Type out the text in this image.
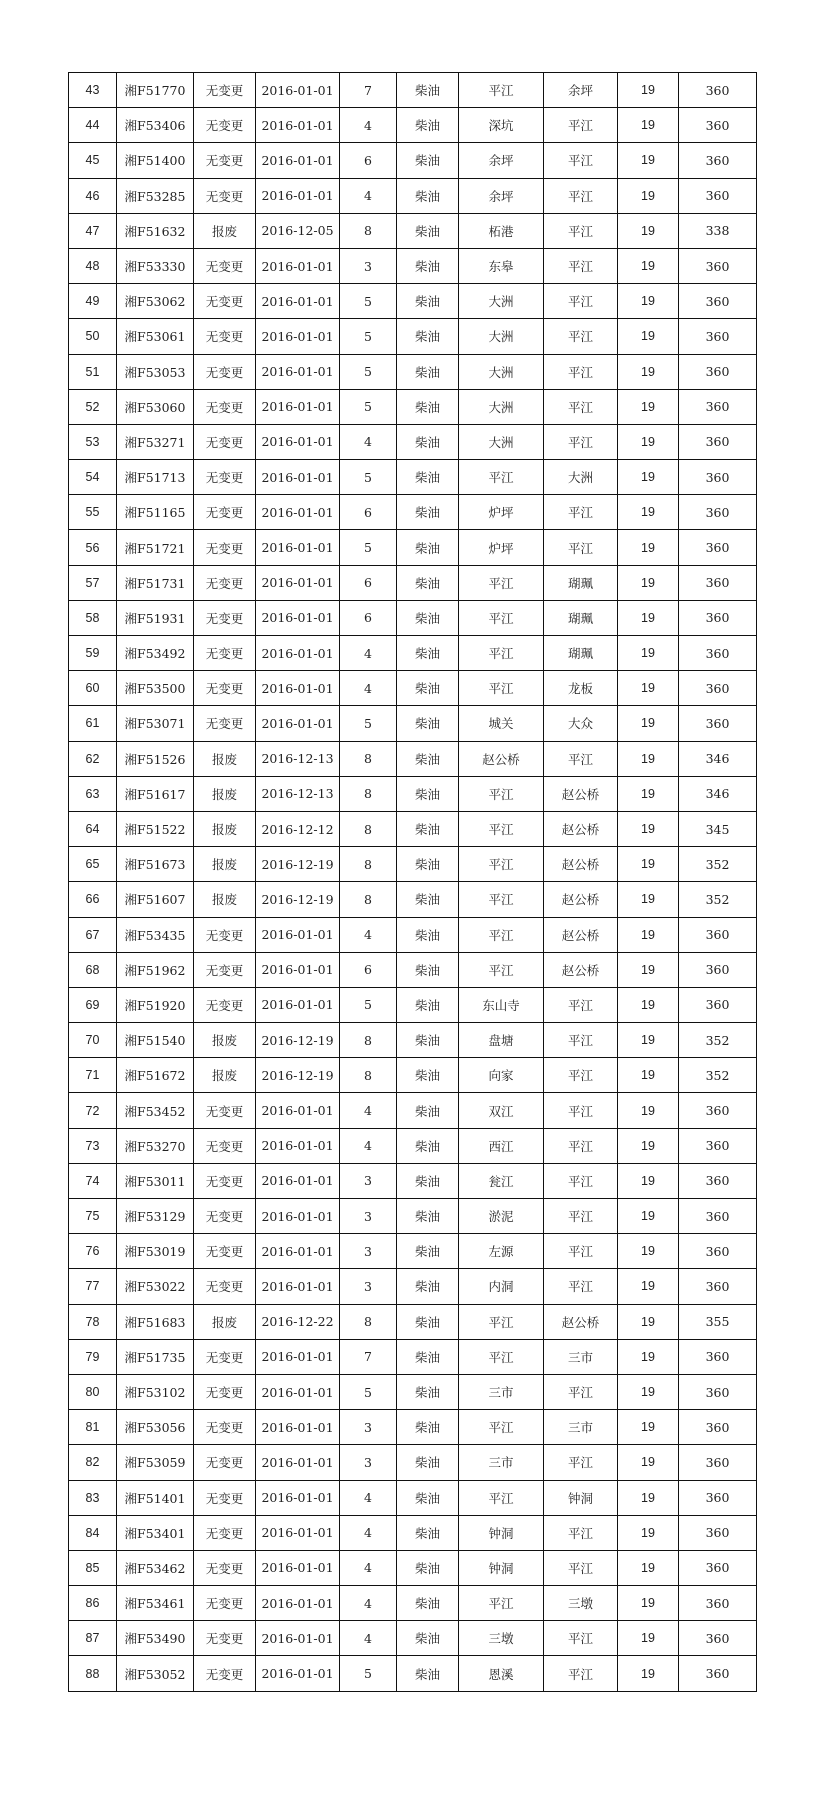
43	湘F51770	无变更	2016-01-01	7	柴油	平江	余坪	19	360
44	湘F53406	无变更	2016-01-01	4	柴油	深坑	平江	19	360
45	湘F51400	无变更	2016-01-01	6	柴油	余坪	平江	19	360
46	湘F53285	无变更	2016-01-01	4	柴油	余坪	平江	19	360
47	湘F51632	报废	2016-12-05	8	柴油	柘港	平江	19	338
48	湘F53330	无变更	2016-01-01	3	柴油	东皋	平江	19	360
49	湘F53062	无变更	2016-01-01	5	柴油	大洲	平江	19	360
50	湘F53061	无变更	2016-01-01	5	柴油	大洲	平江	19	360
51	湘F53053	无变更	2016-01-01	5	柴油	大洲	平江	19	360
52	湘F53060	无变更	2016-01-01	5	柴油	大洲	平江	19	360
53	湘F53271	无变更	2016-01-01	4	柴油	大洲	平江	19	360
54	湘F51713	无变更	2016-01-01	5	柴油	平江	大洲	19	360
55	湘F51165	无变更	2016-01-01	6	柴油	炉坪	平江	19	360
56	湘F51721	无变更	2016-01-01	5	柴油	炉坪	平江	19	360
57	湘F51731	无变更	2016-01-01	6	柴油	平江	瑚珮	19	360
58	湘F51931	无变更	2016-01-01	6	柴油	平江	瑚珮	19	360
59	湘F53492	无变更	2016-01-01	4	柴油	平江	瑚珮	19	360
60	湘F53500	无变更	2016-01-01	4	柴油	平江	龙板	19	360
61	湘F53071	无变更	2016-01-01	5	柴油	城关	大众	19	360
62	湘F51526	报废	2016-12-13	8	柴油	赵公桥	平江	19	346
63	湘F51617	报废	2016-12-13	8	柴油	平江	赵公桥	19	346
64	湘F51522	报废	2016-12-12	8	柴油	平江	赵公桥	19	345
65	湘F51673	报废	2016-12-19	8	柴油	平江	赵公桥	19	352
66	湘F51607	报废	2016-12-19	8	柴油	平江	赵公桥	19	352
67	湘F53435	无变更	2016-01-01	4	柴油	平江	赵公桥	19	360
68	湘F51962	无变更	2016-01-01	6	柴油	平江	赵公桥	19	360
69	湘F51920	无变更	2016-01-01	5	柴油	东山寺	平江	19	360
70	湘F51540	报废	2016-12-19	8	柴油	盘塘	平江	19	352
71	湘F51672	报废	2016-12-19	8	柴油	向家	平江	19	352
72	湘F53452	无变更	2016-01-01	4	柴油	双江	平江	19	360
73	湘F53270	无变更	2016-01-01	4	柴油	西江	平江	19	360
74	湘F53011	无变更	2016-01-01	3	柴油	瓮江	平江	19	360
75	湘F53129	无变更	2016-01-01	3	柴油	淤泥	平江	19	360
76	湘F53019	无变更	2016-01-01	3	柴油	左源	平江	19	360
77	湘F53022	无变更	2016-01-01	3	柴油	内洞	平江	19	360
78	湘F51683	报废	2016-12-22	8	柴油	平江	赵公桥	19	355
79	湘F51735	无变更	2016-01-01	7	柴油	平江	三市	19	360
80	湘F53102	无变更	2016-01-01	5	柴油	三市	平江	19	360
81	湘F53056	无变更	2016-01-01	3	柴油	平江	三市	19	360
82	湘F53059	无变更	2016-01-01	3	柴油	三市	平江	19	360
83	湘F51401	无变更	2016-01-01	4	柴油	平江	钟洞	19	360
84	湘F53401	无变更	2016-01-01	4	柴油	钟洞	平江	19	360
85	湘F53462	无变更	2016-01-01	4	柴油	钟洞	平江	19	360
86	湘F53461	无变更	2016-01-01	4	柴油	平江	三墩	19	360
87	湘F53490	无变更	2016-01-01	4	柴油	三墩	平江	19	360
88	湘F53052	无变更	2016-01-01	5	柴油	恩溪	平江	19	360
